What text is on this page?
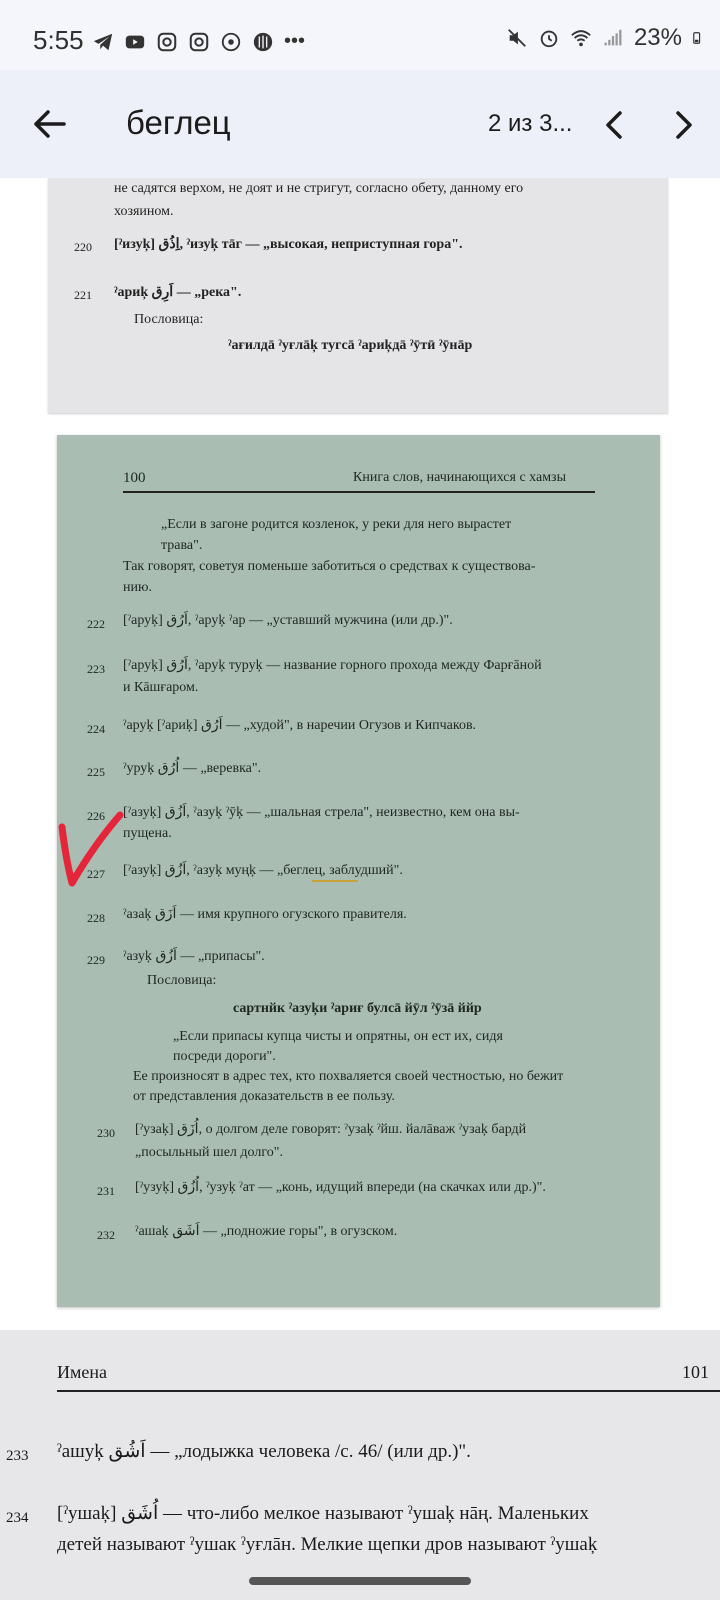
5:55	•••	23%
беглец	2 из 3...
не садятся верхом, не доят и не стригут, согласно обету, данному его
хозяином.
220 [ˀизуķ] اِذُق, ˀизуķ тāг — „высокая, неприступная гора".
221 ˀариķ اَرِق — „река".
Пословица:
ˀағилдā ˀуғлāķ тугсā ˀариķдā ˀӯтӣ ˀӯнāр
100	Книга слов, начинающихся с хамзы
„Если в загоне родится козленок, у реки для него вырастет
трава".
Так говорят, советуя поменьше заботиться о средствах к существова-
нию.
222 [ˀаруķ] اَرُق, ˀаруķ ˀар — „уставший мужчина (или др.)".
223 [ˀаруķ] اَرُق, ˀаруķ туруķ — название горного прохода между Фарғāной
и Кāшғаром.
224 ˀаруķ [ˀариķ] اَرُق — „худой", в наречии Огузов и Кипчаков.
225 ˀуруķ اُرُق — „веревка".
226 [ˀазуķ] اَزُق, ˀазуķ ˀӯķ — „шальная стрела", неизвестно, кем она вы-
пущена.
227 [ˀазуķ] اَزُق, ˀазуķ муңķ — „беглец, заблудший".
228 ˀазаķ اَزَق — имя крупного огузского правителя.
229 ˀазуķ اَزُق — „припасы".
Пословица:
сартнйк ˀазуķи ˀариғ булсā йӯл ˀӯзā ййр
„Если припасы купца чисты и опрятны, он ест их, сидя
посреди дороги".
Ее произносят в адрес тех, кто похваляется своей честностью, но бежит
от представления доказательств в ее пользу.
230 [ˀузаķ] اُزَق, о долгом деле говорят: ˀузаķ ˀйш. йалāваж ˀузаķ бардй
„посыльный шел долго".
231 [ˀузуķ] اُزُق, ˀузуķ ˀат — „конь, идущий впереди (на скачках или др.)".
232 ˀашаķ اَشَق — „подножие горы", в огузском.
Имена	101
233 ˀашуķ اَشُق — „лодыжка человека /с. 46/ (или др.)".
234 [ˀушаķ] اُشَق — что-либо мелкое называют ˀушаķ нāң. Маленьких
детей называют ˀушак ˀуғлāн. Мелкие щепки дров называют ˀушаķ
